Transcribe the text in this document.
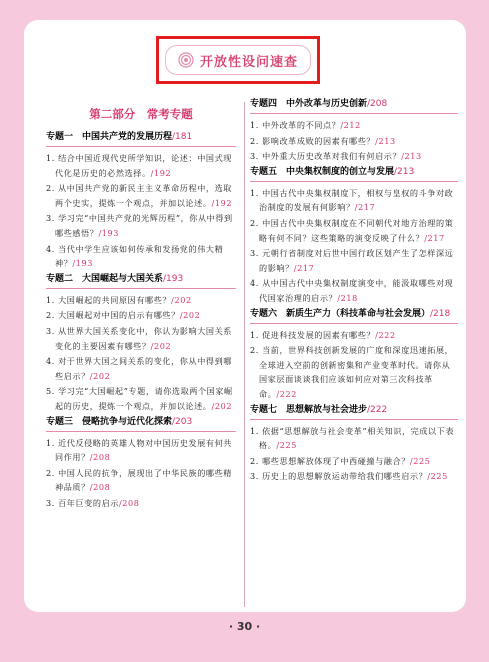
开放性设问速查
第二部分　常考专题
专题一　中国共产党的发展历程/181
1. 结合中国近现代史所学知识，论述：中国式现代化是历史的必然选择。/192
2. 从中国共产党的新民主主义革命历程中，选取两个史实，提炼一个观点，并加以论述。/192
3. 学习完“中国共产党的光辉历程”，你从中得到哪些感悟？/193
4. 当代中学生应该如何传承和发扬党的伟大精神？/193
专题二　大国崛起与大国关系/193
1. 大国崛起的共同原因有哪些？/202
2. 大国崛起对中国的启示有哪些？/202
3. 从世界大国关系变化中，你认为影响大国关系变化的主要因素有哪些？/202
4. 对于世界大国之间关系的变化，你从中得到哪些启示？/202
5. 学习完“大国崛起”专题，请你选取两个国家崛起的历史，提炼一个观点，并加以论述。/202
专题三　侵略抗争与近代化探索/203
1. 近代反侵略的英雄人物对中国历史发展有何共同作用？/208
2. 中国人民的抗争，展现出了中华民族的哪些精神品质？/208
3. 百年巨变的启示/208
专题四　中外改革与历史创新/208
1. 中外改革的不同点？/212
2. 影响改革成败的因素有哪些？/213
3. 中外重大历史改革对我们有何启示？/213
专题五　中央集权制度的创立与发展/213
1. 中国古代中央集权制度下，相权与皇权的斗争对政治制度的发展有何影响？/217
2. 中国古代中央集权制度在不同朝代对地方治理的策略有何不同？这些策略的演变反映了什么？/217
3. 元朝行省制度对后世中国行政区划产生了怎样深远的影响？/217
4. 从中国古代中央集权制度演变中，能汲取哪些对现代国家治理的启示？/218
专题六　新质生产力（科技革命与社会发展）/218
1. 促进科技发展的因素有哪些？/222
2. 当前，世界科技创新发展的广度和深度迅速拓展，全球进入空前的创新密集和产业变革时代。请你从国家层面谈谈我们应该如何应对第三次科技革命。/222
专题七　思想解放与社会进步/222
1. 依据“思想解放与社会变革”相关知识，完成以下表格。/225
2. 哪些思想解放体现了中西碰撞与融合？/225
3. 历史上的思想解放运动带给我们哪些启示？/225
· 30 ·
